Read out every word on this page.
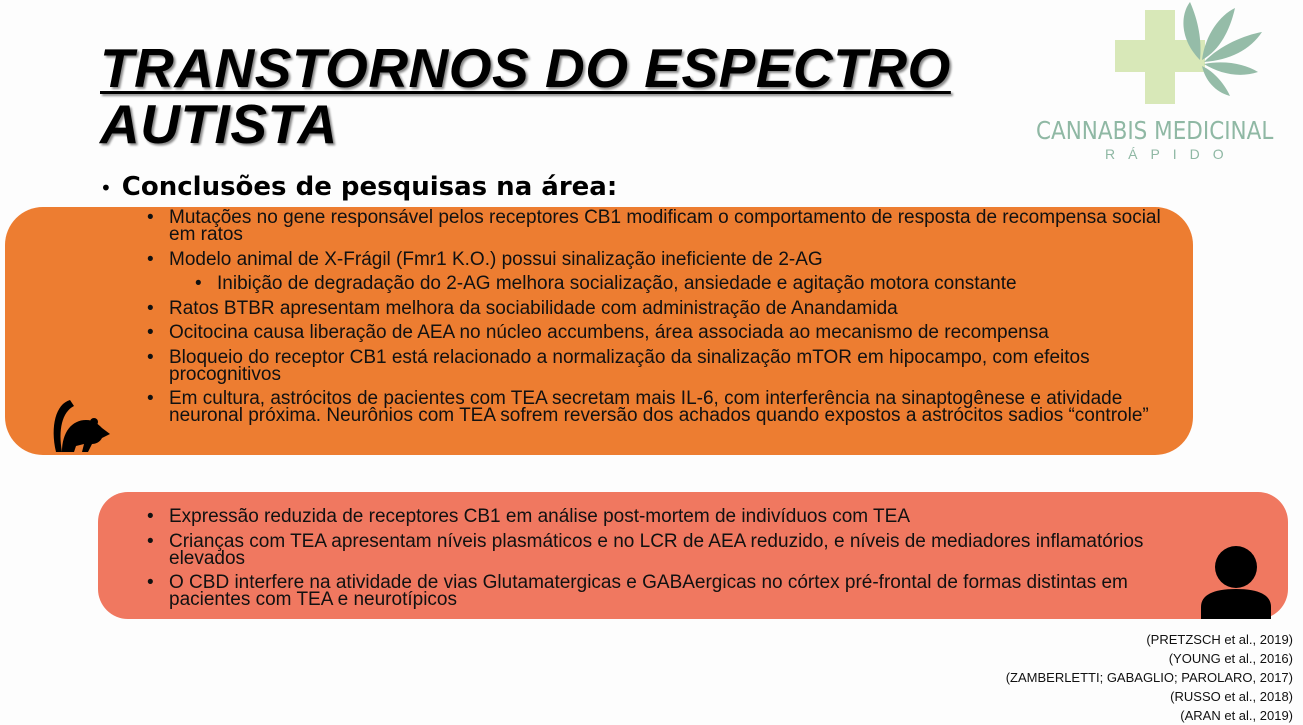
TRANSTORNOS DO ESPECTRO
AUTISTA	CANNABIS MEDICINAL
RÁPIDO
• Conclusões de pesquisas na área:
• Mutações no gene responsável pelos receptores CB1 modificam o comportamento de resposta de recompensa social em ratos
• Modelo animal de X-Frágil (Fmr1 K.O.) possui sinalização ineficiente de 2-AG
• Inibição de degradação do 2-AG melhora socialização, ansiedade e agitação motora constante
• Ratos BTBR apresentam melhora da sociabilidade com administração de Anandamida
• Ocitocina causa liberação de AEA no núcleo accumbens, área associada ao mecanismo de recompensa
• Bloqueio do receptor CB1 está relacionado a normalização da sinalização mTOR em hipocampo, com efeitos procognitivos
• Em cultura, astrócitos de pacientes com TEA secretam mais IL-6, com interferência na sinaptogênese e atividade neuronal próxima. Neurônios com TEA sofrem reversão dos achados quando expostos a astrócitos sadios “controle”
• Expressão reduzida de receptores CB1 em análise post-mortem de indivíduos com TEA
• Crianças com TEA apresentam níveis plasmáticos e no LCR de AEA reduzido, e níveis de mediadores inflamatórios elevados
• O CBD interfere na atividade de vias Glutamatergicas e GABAergicas no córtex pré-frontal de formas distintas em pacientes com TEA e neurotípicos
(PRETZSCH et al., 2019)
(YOUNG et al., 2016)
(ZAMBERLETTI; GABAGLIO; PAROLARO, 2017)
(RUSSO et al., 2018)
(ARAN et al., 2019)
